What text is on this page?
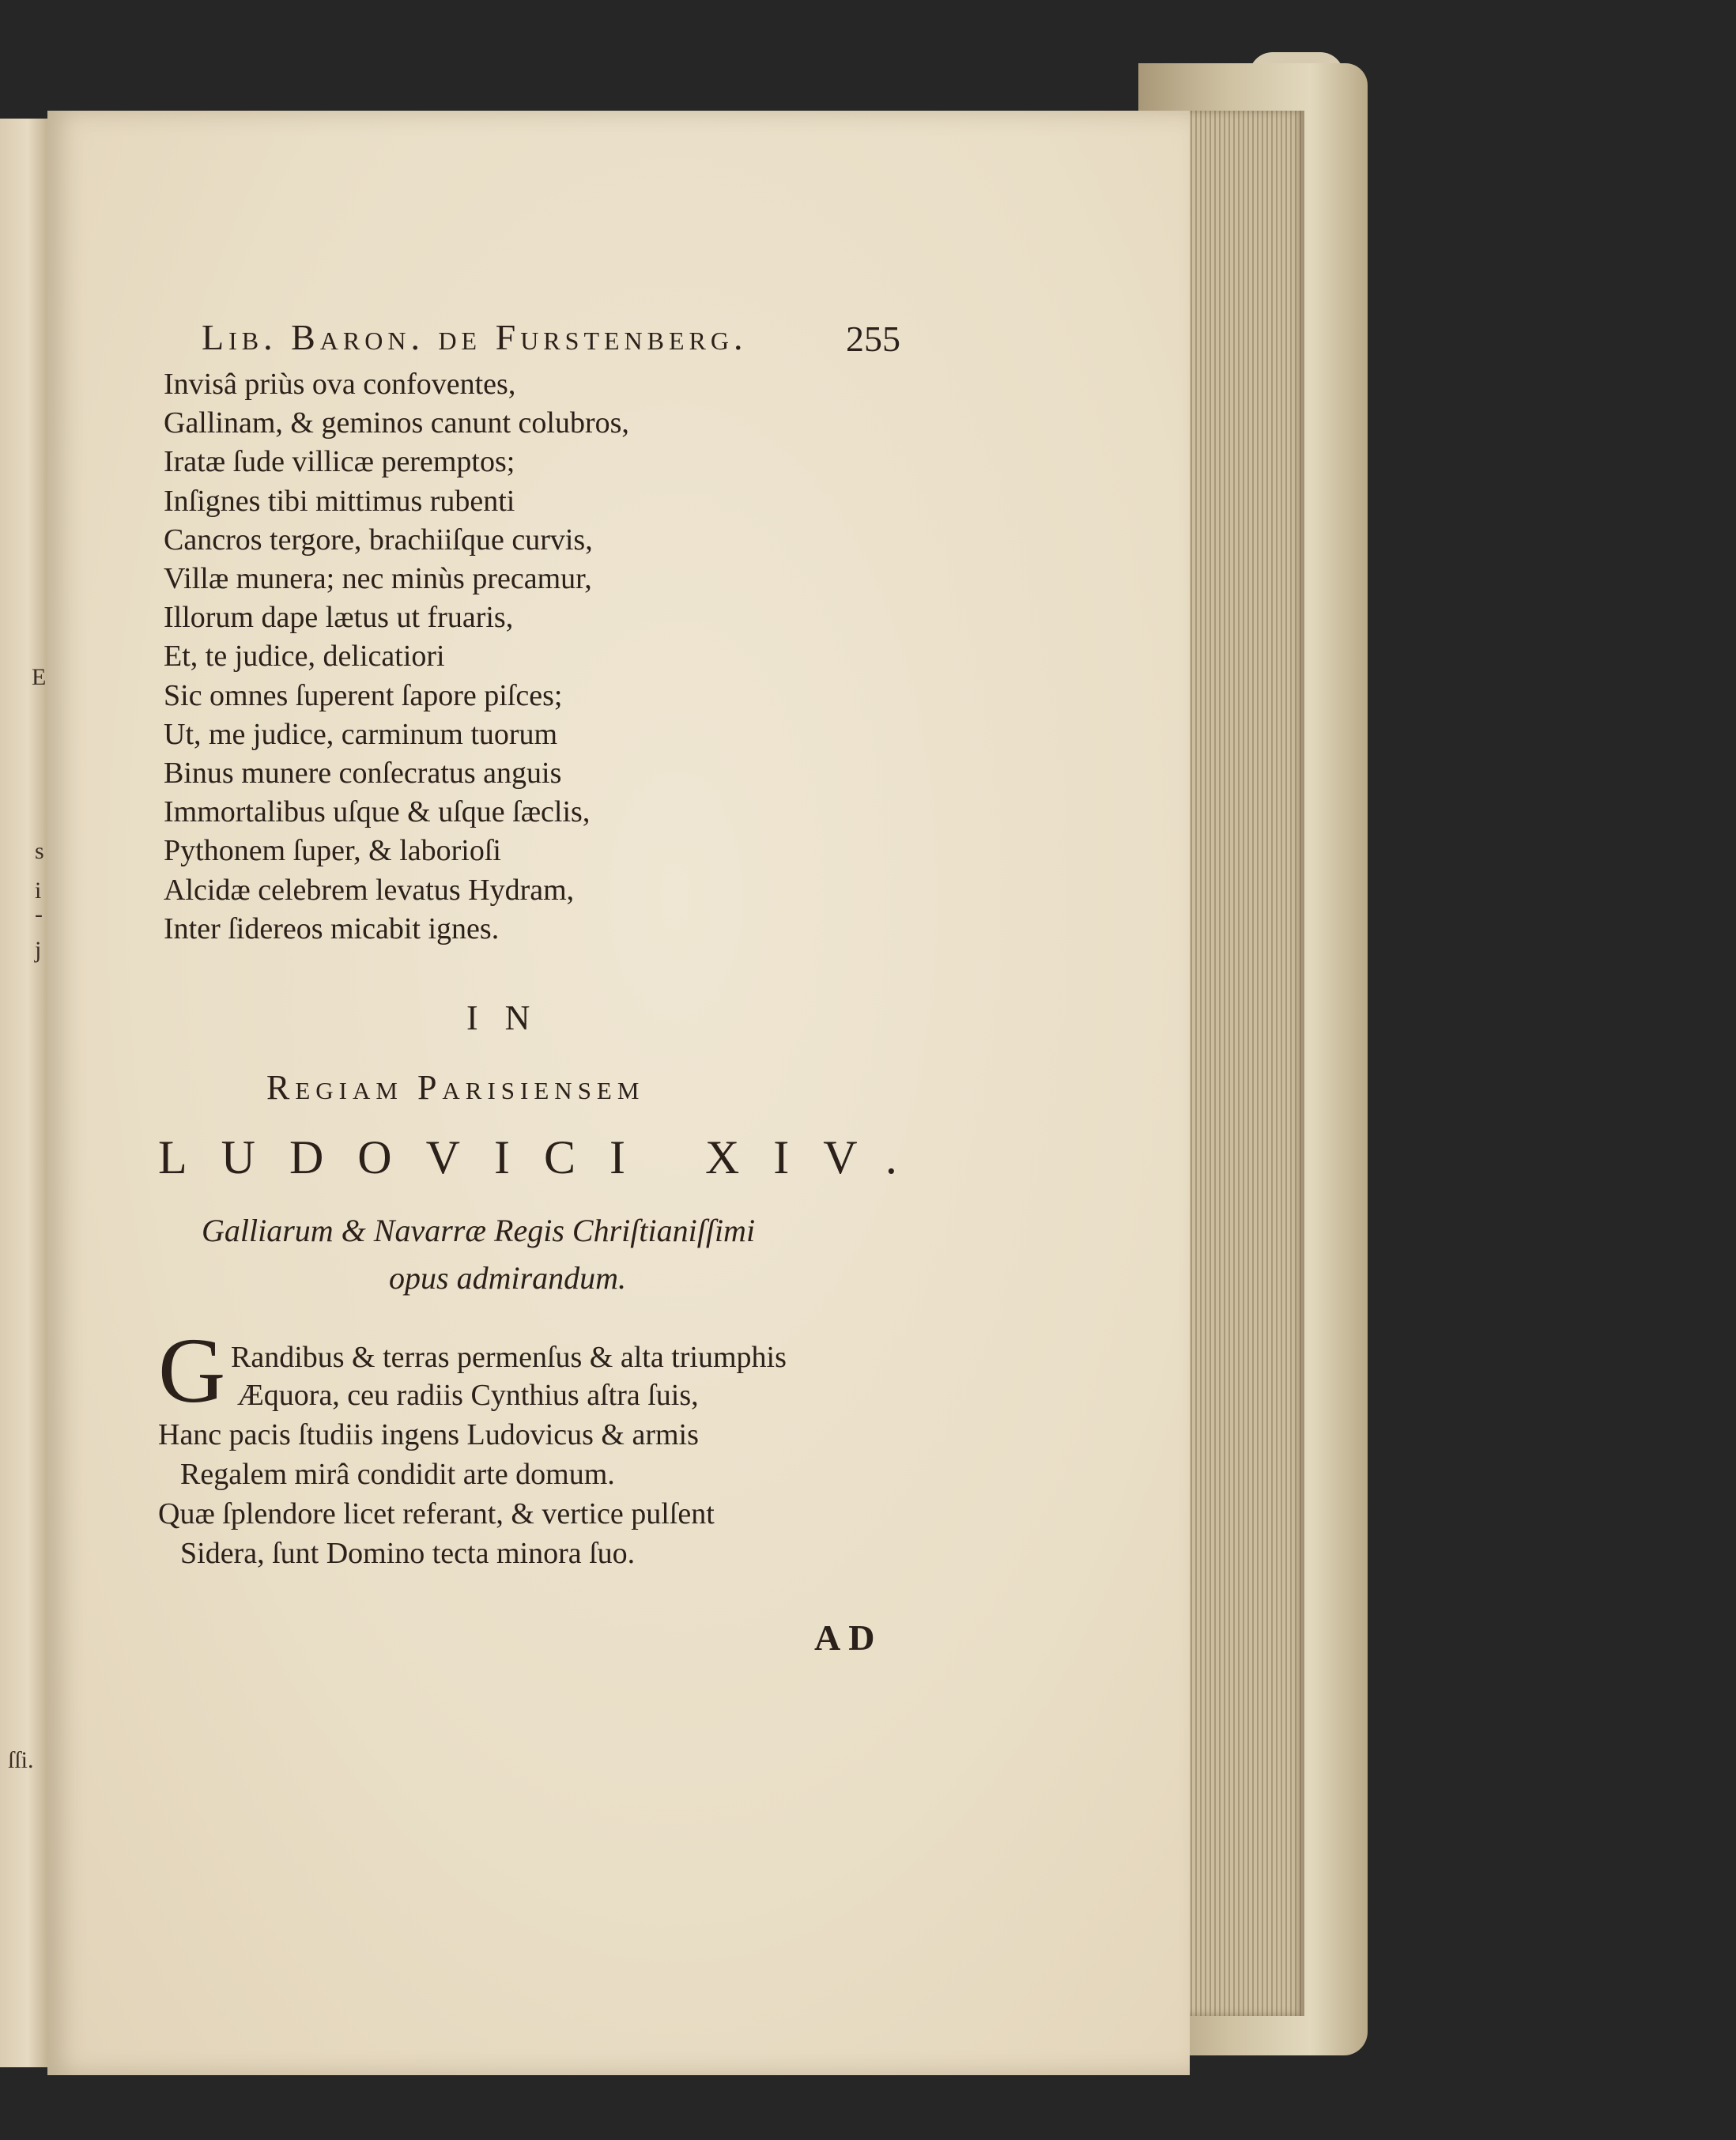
E
s
i
-
j
ſſi.
Lib. Baron. de Furstenberg.	255
Invisâ priùs ova confoventes,
Gallinam, & geminos canunt colubros,
Iratæ ſude villicæ peremptos;
Inſignes tibi mittimus rubenti
Cancros tergore, brachiiſque curvis,
Villæ munera; nec minùs precamur,
Illorum dape lætus ut fruaris,
Et, te judice, delicatiori
Sic omnes ſuperent ſapore piſces;
Ut, me judice, carminum tuorum
Binus munere conſecratus anguis
Immortalibus uſque & uſque ſæclis,
Pythonem ſuper, & laborioſi
Alcidæ celebrem levatus Hydram,
Inter ſidereos micabit ignes.
IN
Regiam Parisiensem
LUDOVICI XIV.
Galliarum & Navarræ Regis Chriſtianiſſimi
opus admirandum.
G Randibus & terras permenſus & alta triumphis
Æquora, ceu radiis Cynthius aſtra ſuis,
Hanc pacis ſtudiis ingens Ludovicus & armis
Regalem mirâ condidit arte domum.
Quæ ſplendore licet referant, & vertice pulſent
Sidera, ſunt Domino tecta minora ſuo.
AD
